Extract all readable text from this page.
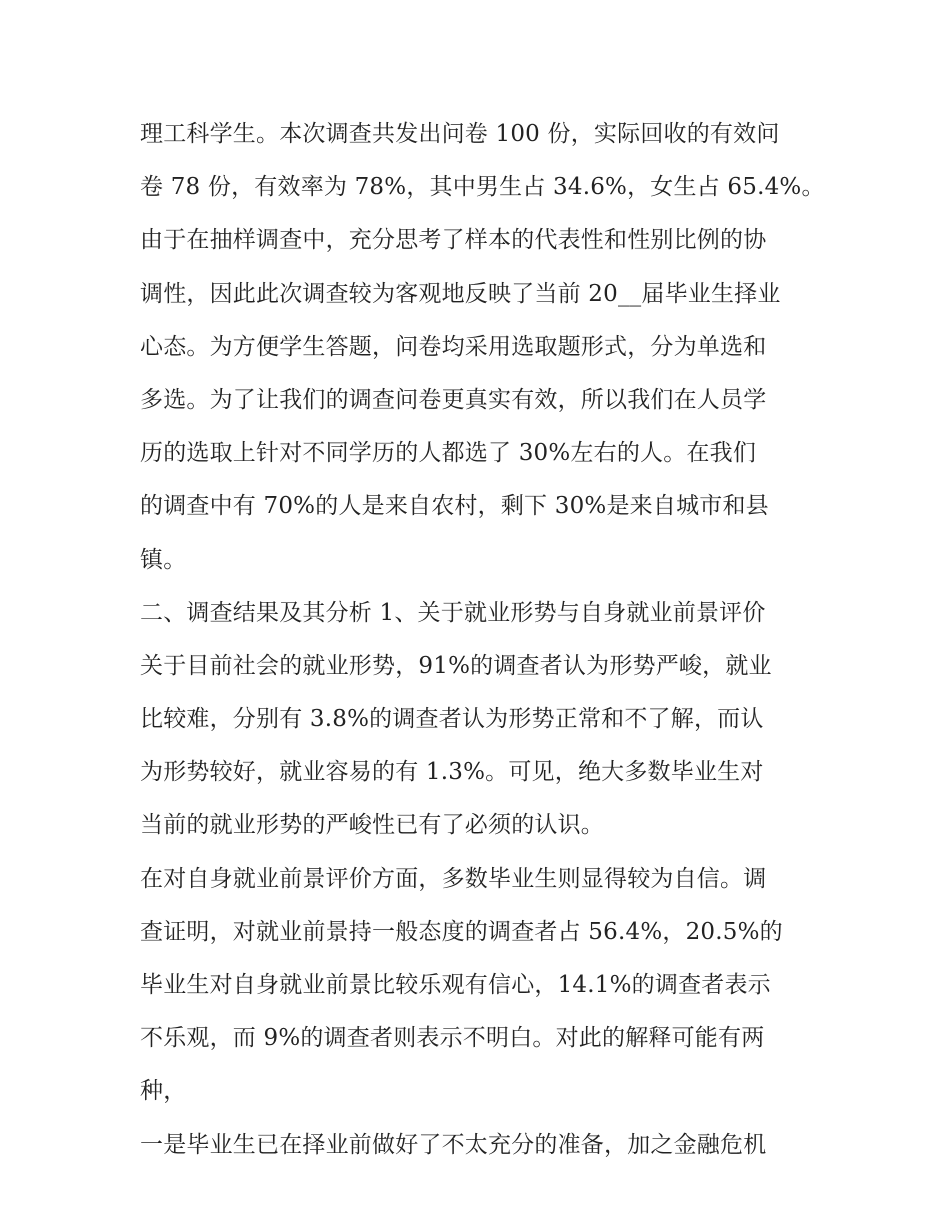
理工科学生。本次调查共发出问卷 100 份，实际回收的有效问
卷 78 份，有效率为 78%，其中男生占 34.6%，女生占 65.4%。
由于在抽样调查中，充分思考了样本的代表性和性别比例的协
调性，因此此次调查较为客观地反映了当前 20__届毕业生择业
心态。为方便学生答题，问卷均采用选取题形式，分为单选和
多选。为了让我们的调查问卷更真实有效，所以我们在人员学
历的选取上针对不同学历的人都选了 30%左右的人。在我们
的调查中有 70%的人是来自农村，剩下 30%是来自城市和县
镇。
二、调查结果及其分析 1、关于就业形势与自身就业前景评价
关于目前社会的就业形势，91%的调查者认为形势严峻，就业
比较难，分别有 3.8%的调查者认为形势正常和不了解，而认
为形势较好，就业容易的有 1.3%。可见，绝大多数毕业生对
当前的就业形势的严峻性已有了必须的认识。
在对自身就业前景评价方面，多数毕业生则显得较为自信。调
查证明，对就业前景持一般态度的调查者占 56.4%，20.5%的
毕业生对自身就业前景比较乐观有信心，14.1%的调查者表示
不乐观，而 9%的调查者则表示不明白。对此的解释可能有两
种，
一是毕业生已在择业前做好了不太充分的准备，加之金融危机
